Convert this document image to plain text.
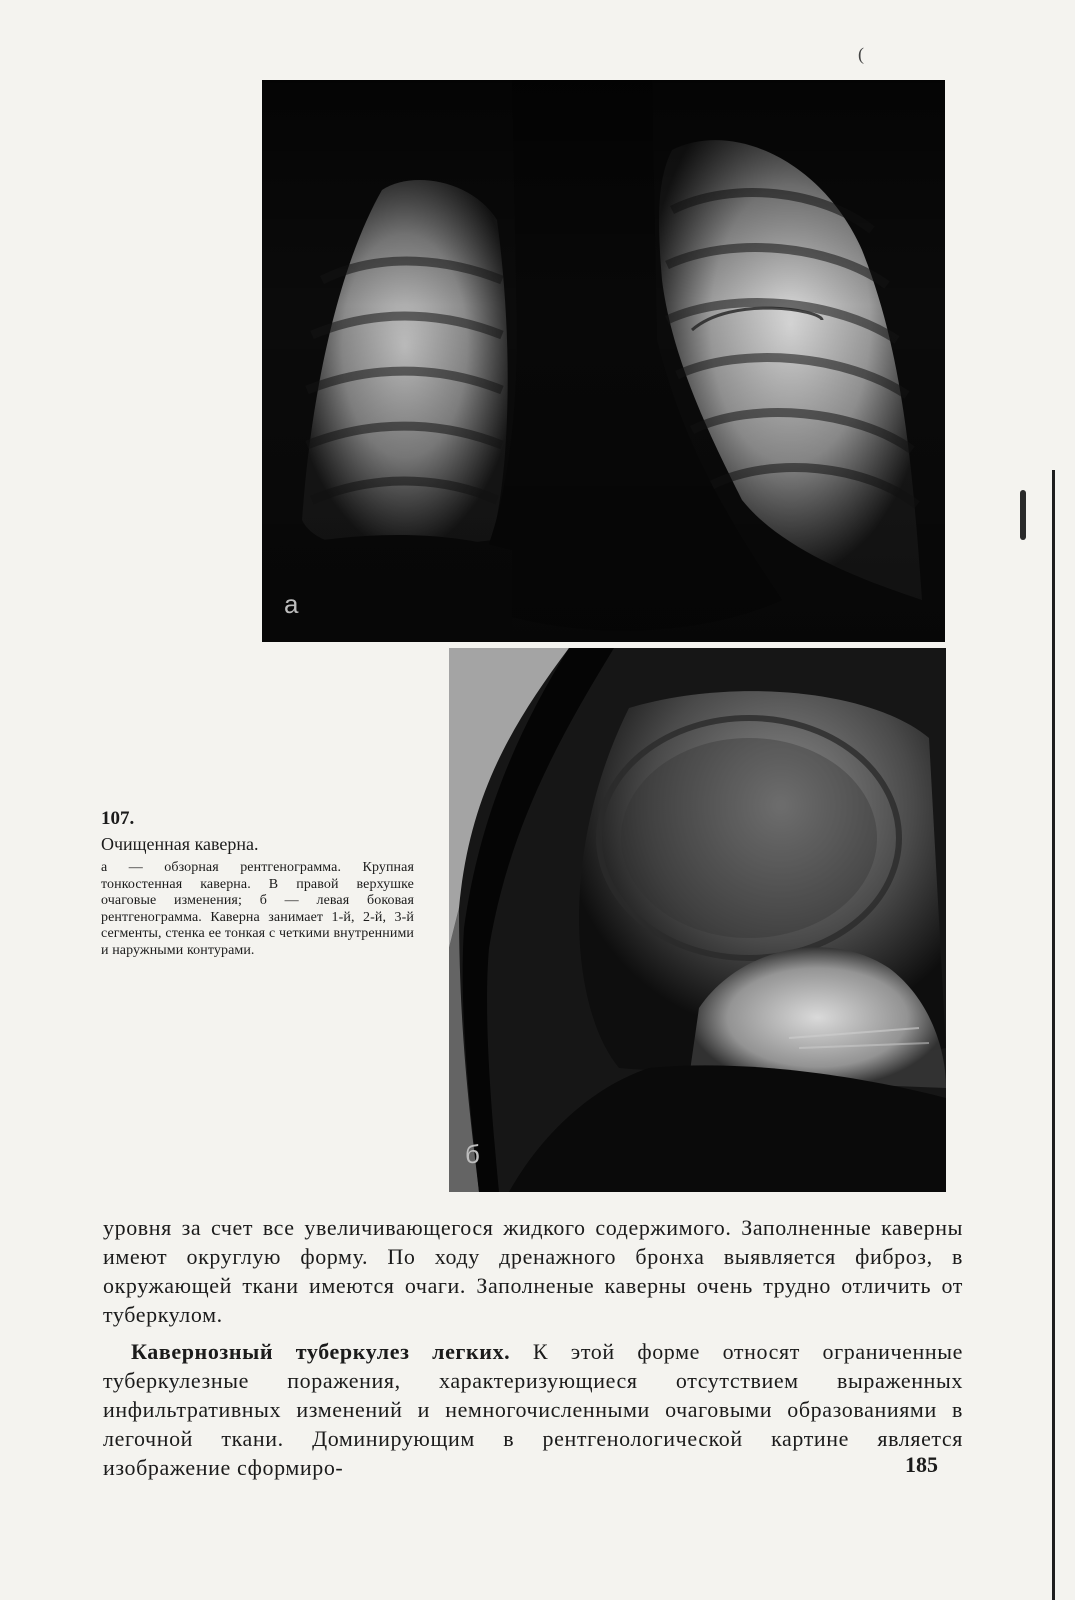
(
а
б
107.
Очищенная каверна.
а — обзорная рентгенограмма. Крупная тонкостенная каверна. В правой верхушке очаговые изменения; б — левая боковая рентгенограмма. Каверна занимает 1-й, 2-й, 3-й сегменты, стенка ее тонкая с четкими внутренними и наружными контурами.

уровня за счет все увеличивающегося жидкого содержимого. Заполненные каверны имеют округлую форму. По ходу дренажного бронха выявляется фиброз, в окружающей ткани имеются очаги. Заполненые каверны очень трудно отличить от туберкулом.

Кавернозный туберкулез легких. К этой форме относят ограниченные туберкулезные поражения, характеризующиеся отсутствием выраженных инфильтративных изменений и немногочисленными очаговыми образованиями в легочной ткани. Доминирующим в рентгенологической картине является изображение сформиро-	185
